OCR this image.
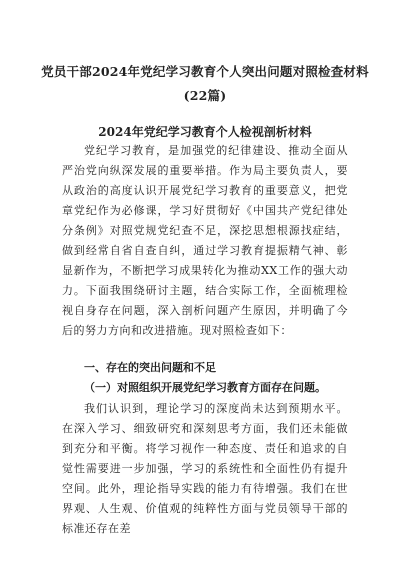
党员干部2024年党纪学习教育个人突出问题对照检查材料(22篇)
2024年党纪学习教育个人检视剖析材料

党纪学习教育，是加强党的纪律建设、推动全面从严治党向纵深发展的重要举措。作为局主要负责人，要从政治的高度认识开展党纪学习教育的重要意义，把党章党纪作为必修课，学习好贯彻好《中国共产党纪律处分条例》对照党规党纪查不足，深挖思想根源找症结，做到经常自省自查自纠，通过学习教育提振精气神、彰显新作为，不断把学习成果转化为推动XX工作的强大动力。下面我围绕研讨主题，结合实际工作，全面梳理检视自身存在问题，深入剖析问题产生原因，并明确了今后的努力方向和改进措施。现对照检查如下：

一、存在的突出问题和不足
（一）对照组织开展党纪学习教育方面存在问题。

我们认识到，理论学习的深度尚未达到预期水平。在深入学习、细致研究和深刻思考方面，我们还未能做到充分和平衡。将学习视作一种态度、责任和追求的自觉性需要进一步加强，学习的系统性和全面性仍有提升空间。此外，理论指导实践的能力有待增强。我们在世界观、人生观、价值观的纯粹性方面与党员领导干部的标准还存在差
